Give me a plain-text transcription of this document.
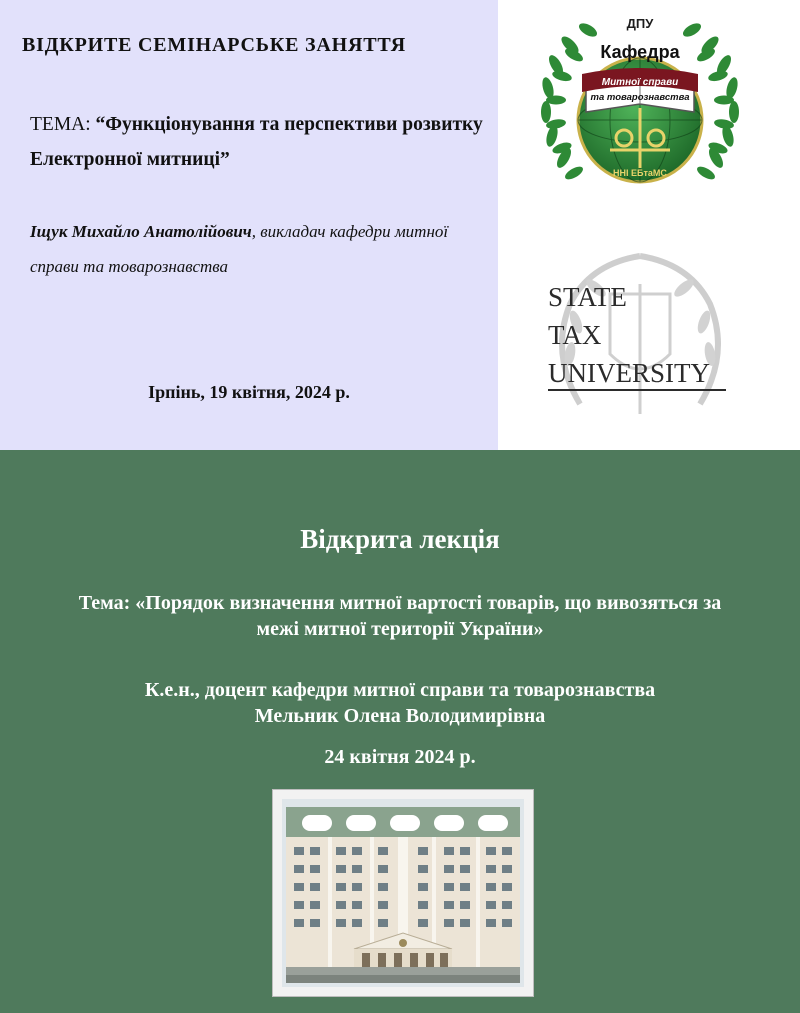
ВІДКРИТЕ СЕМІНАРСЬКЕ ЗАНЯТТЯ
ТЕМА: “Функціонування та перспективи розвитку Електронної митниці”
Іщук Михайло Анатолійович, викладач кафедри митної справи та товарознавства
Ірпінь, 19 квітня, 2024 р.
ДПУ
Кафедра
Митної справи
та товарознавства
ННІ ЕБтаМС
STATE
TAX
UNIVERSITY
Відкрита лекція
Тема: «Порядок визначення митної вартості товарів, що вивозяться за межі митної території України»
К.е.н., доцент кафедри митної справи та товарознавства
Мельник Олена Володимирівна
24 квітня 2024 р.
